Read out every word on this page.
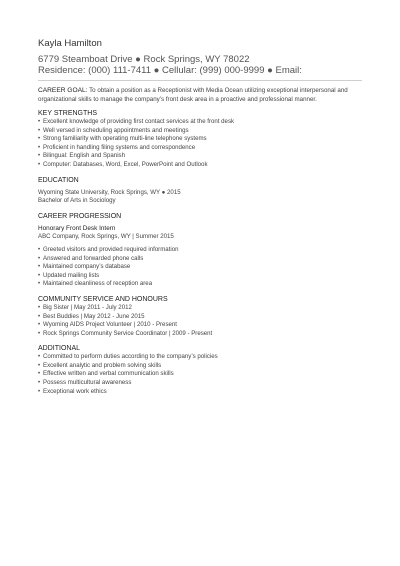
Kayla Hamilton
6779 Steamboat Drive ● Rock Springs, WY 78022
Residence: (000) 111-7411 ● Cellular: (999) 000-9999 ● Email:

CAREER GOAL: To obtain a position as a Receptionist with Media Ocean utilizing exceptional interpersonal and organizational skills to manage the company’s front desk area in a proactive and professional manner.

KEY STRENGTHS
• Excellent knowledge of providing first contact services at the front desk
• Well versed in scheduling appointments and meetings
• Strong familiarity with operating multi-line telephone systems
• Proficient in handling filing systems and correspondence
• Bilingual: English and Spanish
• Computer: Databases, Word, Excel, PowerPoint and Outlook
EDUCATION

Wyoming State University, Rock Springs, WY ● 2015

Bachelor of Arts in Sociology

CAREER PROGRESSION

Honorary Front Desk Intern

ABC Company, Rock Springs, WY | Summer 2015

• Greeted visitors and provided required information
• Answered and forwarded phone calls
• Maintained company’s database
• Updated mailing lists
• Maintained cleanliness of reception area
COMMUNITY SERVICE AND HONOURS
• Big Sister | May 2011 - July 2012
• Best Buddies | May 2012 - June 2015
• Wyoming AIDS Project Volunteer | 2010 - Present
• Rock Springs Community Service Coordinator | 2009 - Present
ADDITIONAL
• Committed to perform duties according to the company’s policies
• Excellent analytic and problem solving skills
• Effective written and verbal communication skills
• Possess multicultural awareness
• Exceptional work ethics
